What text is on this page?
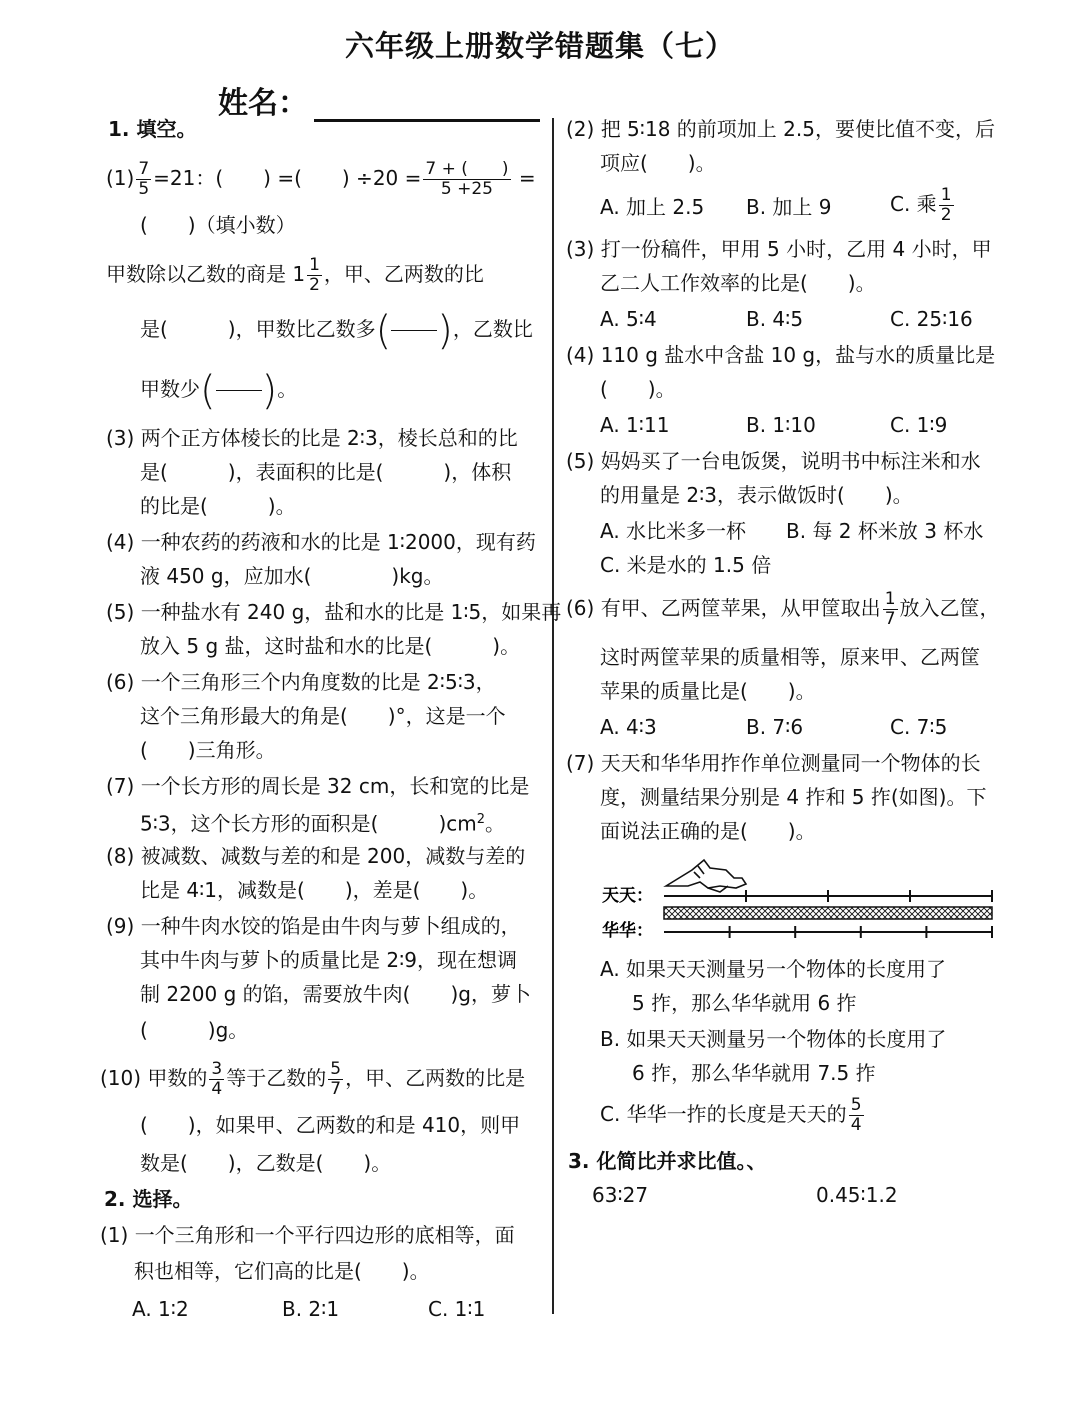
六年级上册数学错题集（七）
姓名：
1. 填空。
$(1) \frac{7}{5} =21$：(　　) =(　　) $\div 20 = \frac{7 + ( )}{5 +25}$ =
(　　)（填小数）
甲数除以乙数的商是 $1 \frac{1}{2}$ ，甲、乙两数的比
是(　　　)，甲数比乙数多( )，乙数比
甲数少( )。
(3) 两个正方体棱长的比是 2∶3，棱长总和的比
是(　　　)，表面积的比是(　　　)，体积
的比是(　　　)。
(4) 一种农药的药液和水的比是 1∶2000，现有药
液 450 g，应加水(　　　　)kg。
(5) 一种盐水有 240 g，盐和水的比是 1∶5，如果再
放入 5 g 盐，这时盐和水的比是(　　　)。
(6) 一个三角形三个内角度数的比是 2∶5∶3，
这个三角形最大的角是(　　)°，这是一个
(　　)三角形。
(7) 一个长方形的周长是 32 cm，长和宽的比是
5∶3，这个长方形的面积是(　　　)$cm^2$。
(8) 被减数、减数与差的和是 200，减数与差的
比是 4∶1，减数是(　　)，差是(　　)。
(9) 一种牛肉水饺的馅是由牛肉与萝卜组成的，
其中牛肉与萝卜的质量比是 2∶9，现在想调
制 2200 g 的馅，需要放牛肉(　　)g，萝卜
(　　　)g。
(10) 甲数的 $\frac{3}{4}$ 等于乙数的 $\frac{5}{7}$ ，甲、乙两数的比是
(　　)，如果甲、乙两数的和是 410，则甲
数是(　　)，乙数是(　　)。
2. 选择。
(1) 一个三角形和一个平行四边形的底相等，面
积也相等，它们高的比是(　　)。
A. 1∶2	B. 2∶1	C. 1∶1
(2) 把 5∶18 的前项加上 2.5，要使比值不变，后
项应(　　)。
A. 加上 2.5 B. 加上 9	C. 乘 $\frac{1}{2}$
(3) 打一份稿件，甲用 5 小时，乙用 4 小时，甲
乙二人工作效率的比是(　　)。
A. 5∶4	B. 4∶5	C. 25∶16
(4) 110 g 盐水中含盐 10 g，盐与水的质量比是
(　　)。
A. 1∶11	B. 1∶10	C. 1∶9
(5) 妈妈买了一台电饭煲，说明书中标注米和水
的用量是 2∶3，表示做饭时(　　)。
A. 水比米多一杯 B. 每 2 杯米放 3 杯水
C. 米是水的 1.5 倍
(6) 有甲、乙两筐苹果，从甲筐取出 $\frac{1}{7}$ 放入乙筐，
这时两筐苹果的质量相等，原来甲、乙两筐
苹果的质量比是(　　)。
A. 4∶3	B. 7∶6	C. 7∶5
(7) 天天和华华用拃作单位测量同一个物体的长
度，测量结果分别是 4 拃和 5 拃(如图)。下
面说法正确的是(　　)。
天天：
华华：
A. 如果天天测量另一个物体的长度用了
5 拃，那么华华就用 6 拃
B. 如果天天测量另一个物体的长度用了
6 拃，那么华华就用 7.5 拃
C. 华华一拃的长度是天天的 $\frac{5}{4}$
3. 化简比并求比值。、
63∶27	0.45∶1.2
